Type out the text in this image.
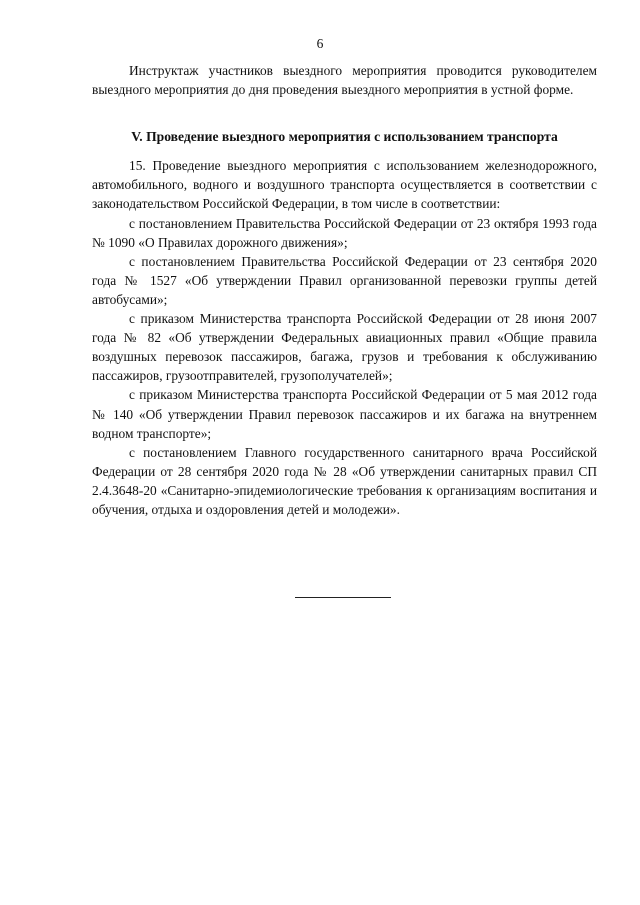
6

Инструктаж участников выездного мероприятия проводится руководителем выездного мероприятия до дня проведения выездного мероприятия в устной форме.

V. Проведение выездного мероприятия с использованием транспорта

15. Проведение выездного мероприятия с использованием железнодорожного, автомобильного, водного и воздушного транспорта осуществляется в соответствии с законодательством Российской Федерации, в том числе в соответствии:

с постановлением Правительства Российской Федерации от 23 октября 1993 года № 1090 «О Правилах дорожного движения»;

с постановлением Правительства Российской Федерации от 23 сентября 2020 года № 1527 «Об утверждении Правил организованной перевозки группы детей автобусами»;

с приказом Министерства транспорта Российской Федерации от 28 июня 2007 года № 82 «Об утверждении Федеральных авиационных правил «Общие правила воздушных перевозок пассажиров, багажа, грузов и требования к обслуживанию пассажиров, грузоотправителей, грузополучателей»;

с приказом Министерства транспорта Российской Федерации от 5 мая 2012 года № 140 «Об утверждении Правил перевозок пассажиров и их багажа на внутреннем водном транспорте»;

с постановлением Главного государственного санитарного врача Российской Федерации от 28 сентября 2020 года № 28 «Об утверждении санитарных правил СП 2.4.3648-20 «Санитарно-эпидемиологические требования к организациям воспитания и обучения, отдыха и оздоровления детей и молодежи».
